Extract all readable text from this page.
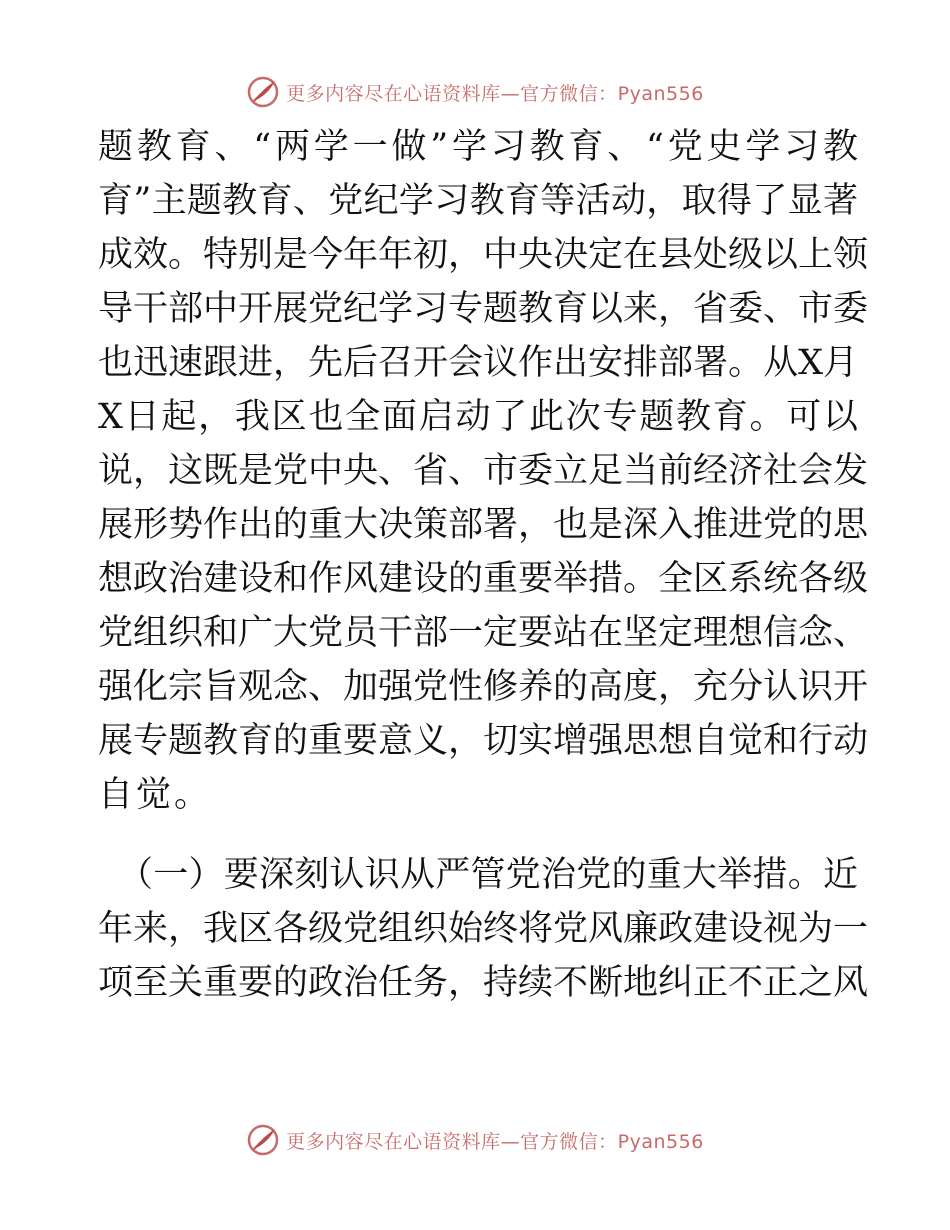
更多内容尽在心语资料库—官方微信：Pyan556
题教育、“两学一做”学习教育、“党史学习教
育”主题教育、党纪学习教育等活动，取得了显著
成效。特别是今年年初，中央决定在县处级以上领
导干部中开展党纪学习专题教育以来，省委、市委
也迅速跟进，先后召开会议作出安排部署。从X月
X日起，我区也全面启动了此次专题教育。可以
说，这既是党中央、省、市委立足当前经济社会发
展形势作出的重大决策部署，也是深入推进党的思
想政治建设和作风建设的重要举措。全区系统各级
党组织和广大党员干部一定要站在坚定理想信念、
强化宗旨观念、加强党性修养的高度，充分认识开
展专题教育的重要意义，切实增强思想自觉和行动
自觉。
（一）要深刻认识从严管党治党的重大举措。近
年来，我区各级党组织始终将党风廉政建设视为一
项至关重要的政治任务，持续不断地纠正不正之风
更多内容尽在心语资料库—官方微信：Pyan556
